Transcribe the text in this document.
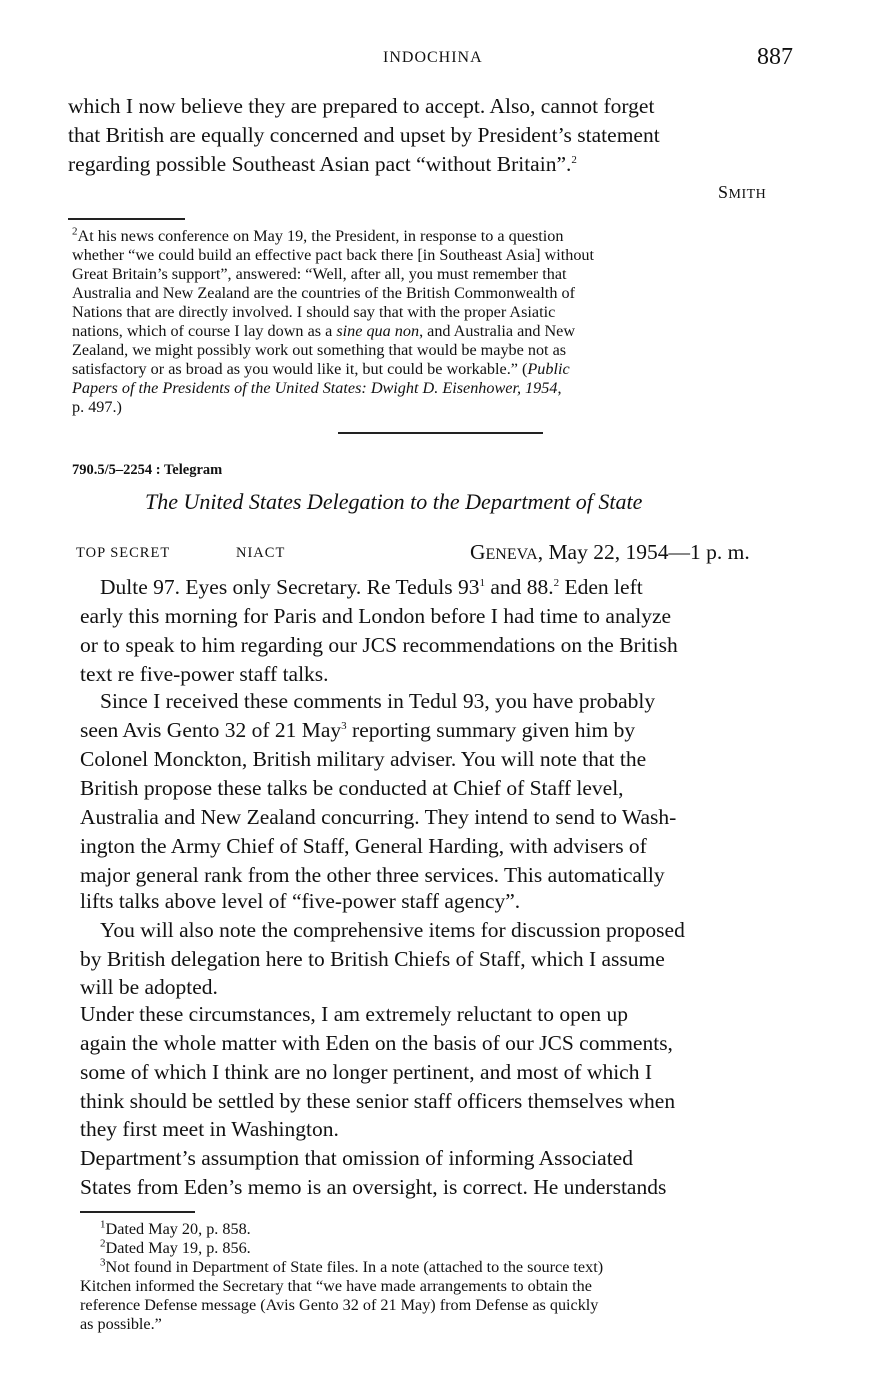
INDOCHINA	887
which I now believe they are prepared to accept. Also, cannot forget
that British are equally concerned and upset by President’s statement
regarding possible Southeast Asian pact “without Britain”.$^2$
SMITH
$^2$At his news conference on May 19, the President, in response to a question
whether “we could build an effective pact back there [in Southeast Asia] without
Great Britain’s support”, answered: “Well, after all, you must remember that
Australia and New Zealand are the countries of the British Commonwealth of
Nations that are directly involved. I should say that with the proper Asiatic
nations, which of course I lay down as a sine qua non, and Australia and New
Zealand, we might possibly work out something that would be maybe not as
satisfactory or as broad as you would like it, but could be workable.” (Public
Papers of the Presidents of the United States: Dwight D. Eisenhower, 1954,
p. 497.)
790.5/5–2254 : Telegram
The United States Delegation to the Department of State
TOP SECRET	NIACT	GENEVA, May 22, 1954—1 p. m.
Dulte 97. Eyes only Secretary. Re Teduls $93^1$ and 88.$^2$ Eden left
early this morning for Paris and London before I had time to analyze
or to speak to him regarding our JCS recommendations on the British
text re five-power staff talks.
Since I received these comments in Tedul 93, you have probably
seen Avis Gento 32 of 21 May$^3$ reporting summary given him by
Colonel Monckton, British military adviser. You will note that the
British propose these talks be conducted at Chief of Staff level,
Australia and New Zealand concurring. They intend to send to Wash-
ington the Army Chief of Staff, General Harding, with advisers of
major general rank from the other three services. This automatically
lifts talks above level of “five-power staff agency”.
You will also note the comprehensive items for discussion proposed
by British delegation here to British Chiefs of Staff, which I assume
will be adopted.
Under these circumstances, I am extremely reluctant to open up
again the whole matter with Eden on the basis of our JCS comments,
some of which I think are no longer pertinent, and most of which I
think should be settled by these senior staff officers themselves when
they first meet in Washington.
Department’s assumption that omission of informing Associated
States from Eden’s memo is an oversight, is correct. He understands
$^1$Dated May 20, p. 858.
$^2$Dated May 19, p. 856.
$^3$Not found in Department of State files. In a note (attached to the source text)
Kitchen informed the Secretary that “we have made arrangements to obtain the
reference Defense message (Avis Gento 32 of 21 May) from Defense as quickly
as possible.”
